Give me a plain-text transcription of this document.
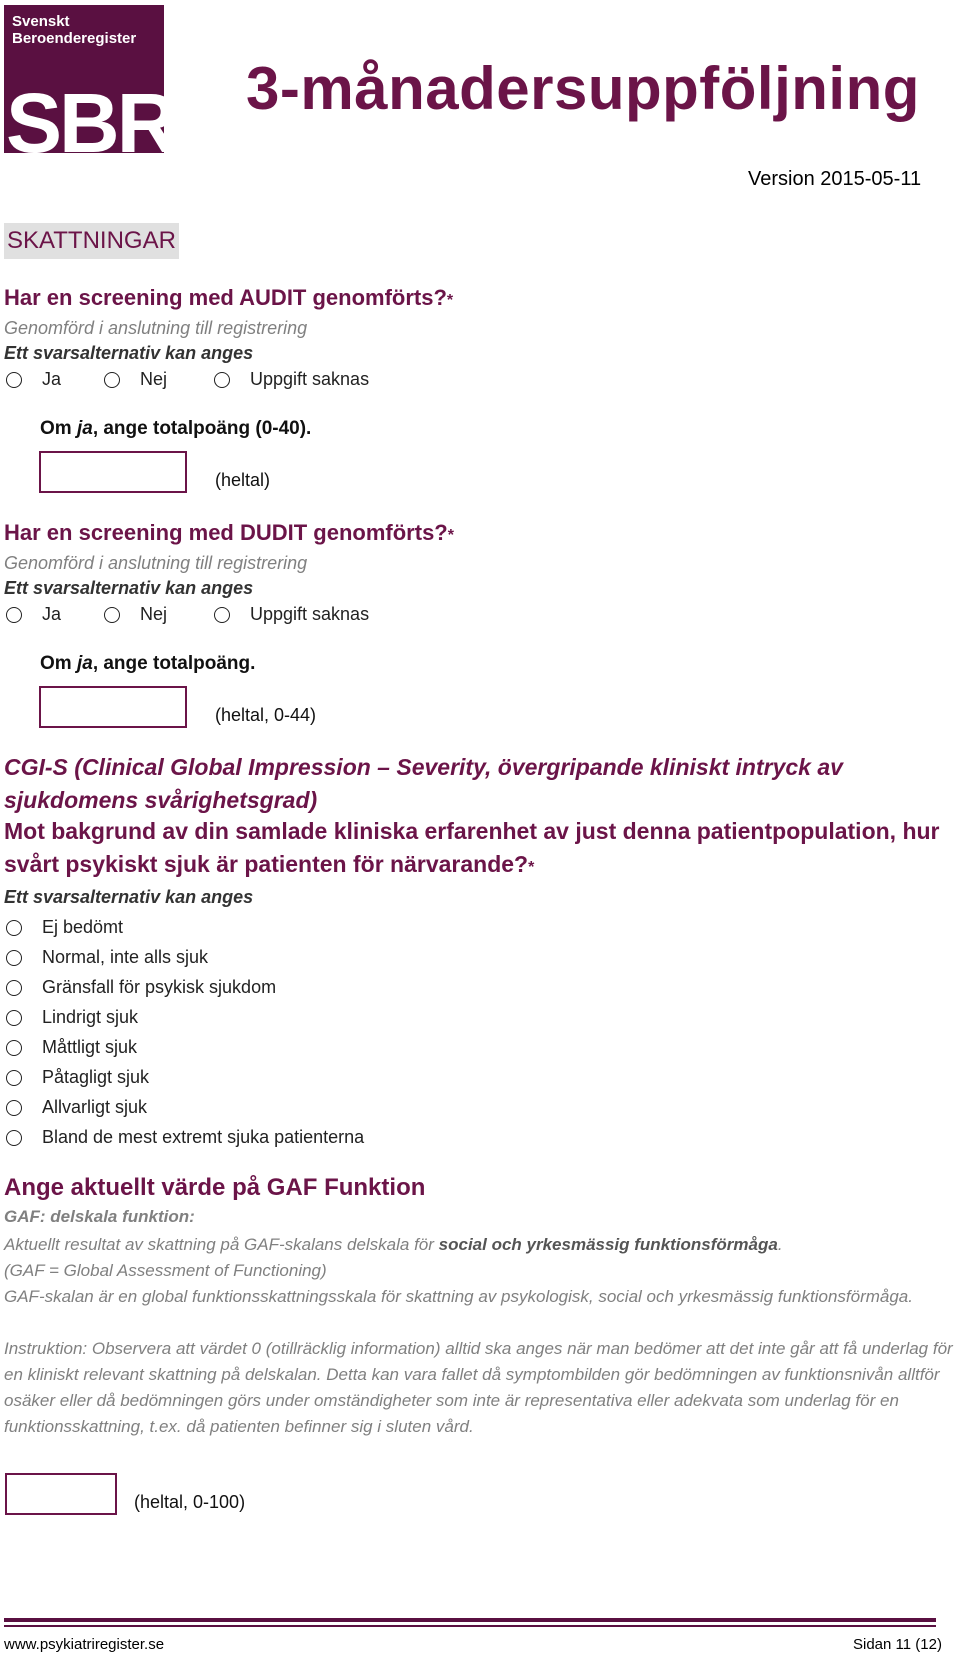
Svenskt
Beroenderegister
SBR 3-månadersuppföljning
Version 2015-05-11
SKATTNINGAR
Har en screening med AUDIT genomförts?*
Genomförd i anslutning till registrering
Ett svarsalternativ kan anges
Ja	Nej	Uppgift saknas
Om ja, ange totalpoäng (0-40).
(heltal)
Har en screening med DUDIT genomförts?*
Genomförd i anslutning till registrering
Ett svarsalternativ kan anges
Ja	Nej	Uppgift saknas
Om ja, ange totalpoäng.
(heltal, 0-44)
CGI-S (Clinical Global Impression – Severity, övergripande kliniskt intryck av sjukdomens svårighetsgrad)
Mot bakgrund av din samlade kliniska erfarenhet av just denna patientpopulation, hur svårt psykiskt sjuk är patienten för närvarande?*
Ett svarsalternativ kan anges
Ej bedömt
Normal, inte alls sjuk
Gränsfall för psykisk sjukdom
Lindrigt sjuk
Måttligt sjuk
Påtagligt sjuk
Allvarligt sjuk
Bland de mest extremt sjuka patienterna
Ange aktuellt värde på GAF Funktion
GAF: delskala funktion:
Aktuellt resultat av skattning på GAF-skalans delskala för social och yrkesmässig funktionsförmåga.
(GAF = Global Assessment of Functioning)
GAF-skalan är en global funktionsskattningsskala för skattning av psykologisk, social och yrkesmässig funktionsförmåga.
Instruktion: Observera att värdet 0 (otillräcklig information) alltid ska anges när man bedömer att det inte går att få underlag för en kliniskt relevant skattning på delskalan. Detta kan vara fallet då symptombilden gör bedömningen av funktionsnivån alltför osäker eller då bedömningen görs under omständigheter som inte är representativa eller adekvata som underlag för en funktionsskattning, t.ex. då patienten befinner sig i sluten vård.
(heltal, 0-100)
www.psykiatriregister.se	Sidan 11 (12)
